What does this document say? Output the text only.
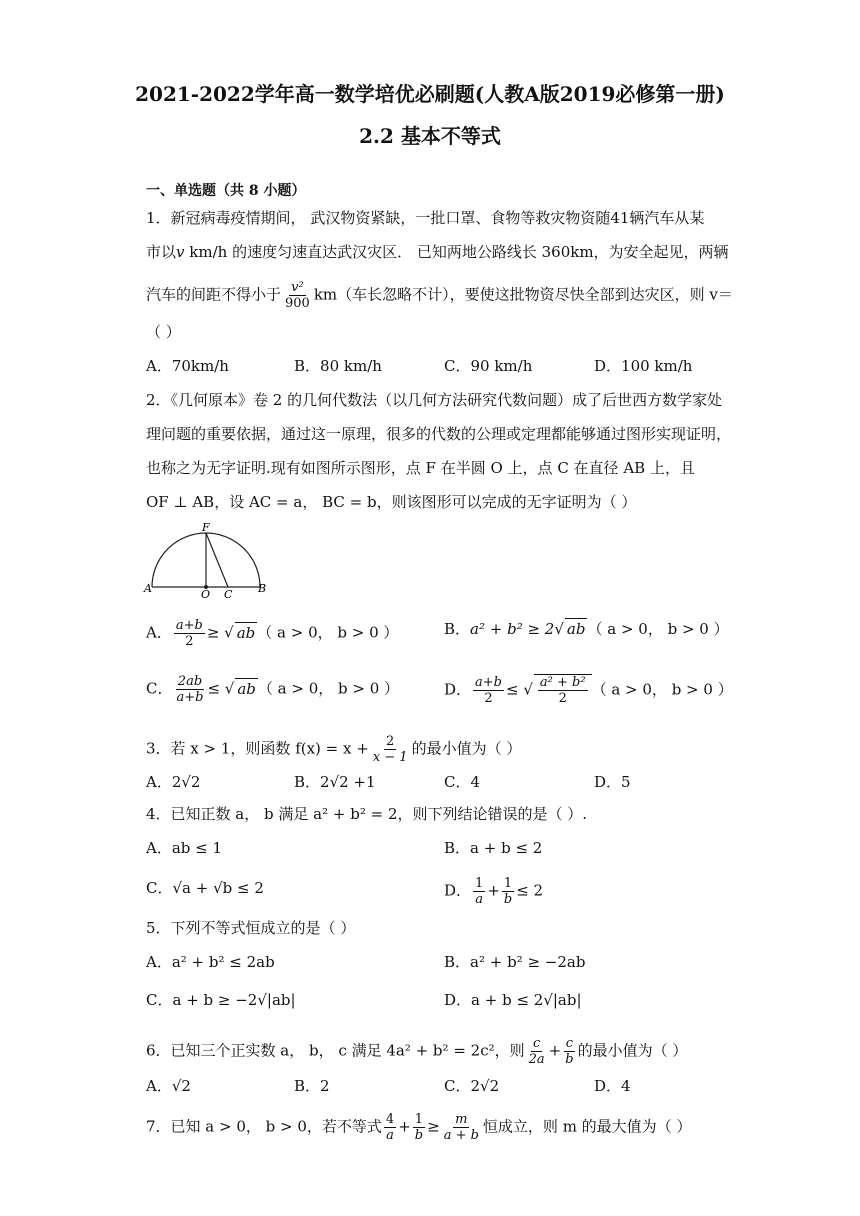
2021-2022学年高一数学培优必刷题(人教A版2019必修第一册)
2.2 基本不等式
一、单选题（共 8 小题）
1．新冠病毒疫情期间， 武汉物资紧缺，一批口罩、食物等救灾物资随41辆汽车从某
市以v km/h 的速度匀速直达武汉灾区． 已知两地公路线长 360km，为安全起见，两辆
汽车的间距不得小于 $\frac{\text{v²}}{900} km$（车长忽略不计），要使这批物资尽快全部到达灾区，则 v＝
（ ）
A．70km/h	B．80 km/h	C．90 km/h	D．100 km/h
2．《几何原本》卷 2 的几何代数法（以几何方法研究代数问题）成了后世西方数学家处
理问题的重要依据，通过这一原理，很多的代数的公理或定理都能够通过图形实现证明，
也称之为无字证明.现有如图所示图形，点 F 在半圆 O 上，点 C 在直径 AB 上，且
OF ⊥ AB，设 AC = a， BC = b，则该图形可以完成的无字证明为（ ）
F
A	O C B
A． $\frac{a+b}{2}$ ≥ √ ab （ a > 0， b > 0 ）	B．a² + b² ≥ 2√ ab （ a > 0， b > 0 ）
C． $\frac{2ab}{a+b}$ ≤ √ ab （ a > 0， b > 0 ）	D． $\frac{a+b}{2}$ ≤ √ $\frac{\text{a² + b²}}{2}$ （ a > 0， b > 0 ）
3．若 x > 1，则函数 $f(x) = x + \frac{2}{x - 1}$ 的最小值为（ ）
A．2√2	B．2√2 +1	C．4	D．5
4．已知正数 a， b 满足 a² + b² = 2，则下列结论错误的是（ ）.
A．ab ≤ 1	B．a + b ≤ 2
C．√a + √b ≤ 2	D． $\frac{1}{a} + \frac{1}{b} \le 2$
5．下列不等式恒成立的是（ ）
A．a² + b² ≤ 2ab	B．a² + b² ≥ −2ab
C．a + b ≥ −2√|ab|	D．a + b ≤ 2√|ab|
6．已知三个正实数 a， b， c 满足 4a² + b² = 2c²，则 $\frac{c}{2a} + \frac{c}{b}$ 的最小值为（ ）
A．√2	B．2	C．2√2	D．4
7．已知 a > 0， b > 0，若不等式 $\frac{4}{a} + \frac{1}{b} \ge \frac{m}{a + b}$ 恒成立，则 m 的最大值为（ ）
